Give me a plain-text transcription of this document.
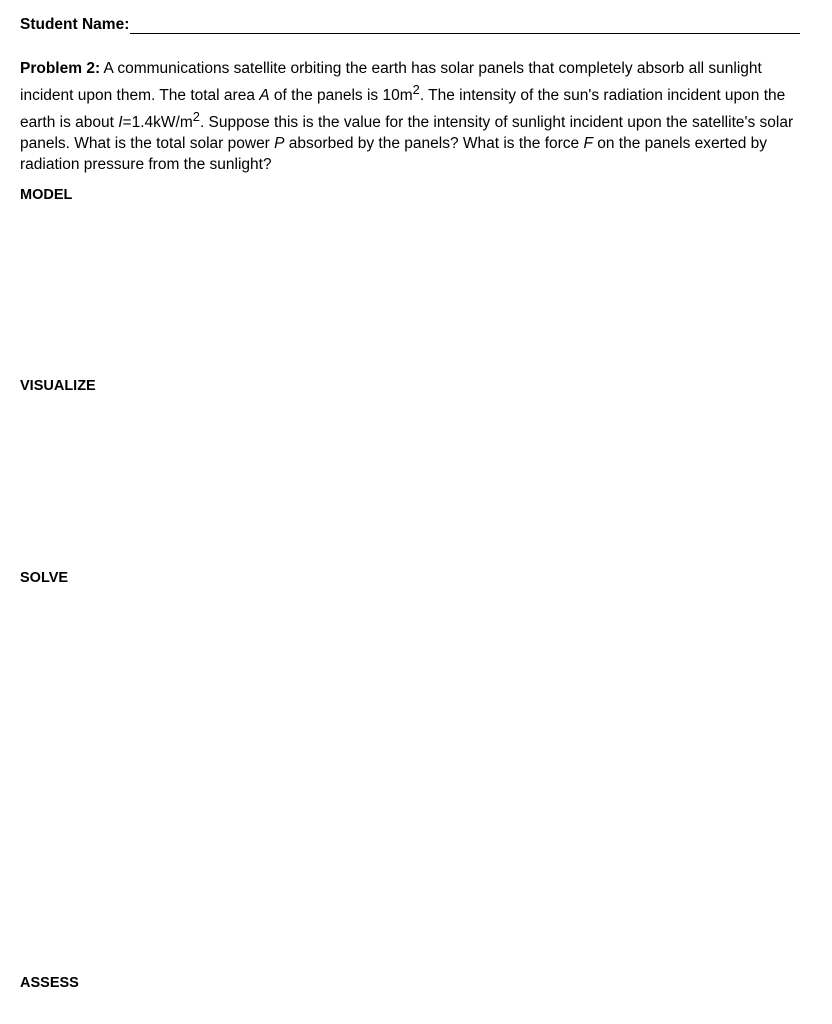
Student Name:
Problem 2: A communications satellite orbiting the earth has solar panels that completely absorb all sunlight incident upon them. The total area A of the panels is $10m^2$. The intensity of the sun's radiation incident upon the earth is about $I=1.4kW/m^2$. Suppose this is the value for the intensity of sunlight incident upon the satellite's solar panels. What is the total solar power P absorbed by the panels? What is the force F on the panels exerted by radiation pressure from the sunlight?
MODEL
VISUALIZE
SOLVE
ASSESS
